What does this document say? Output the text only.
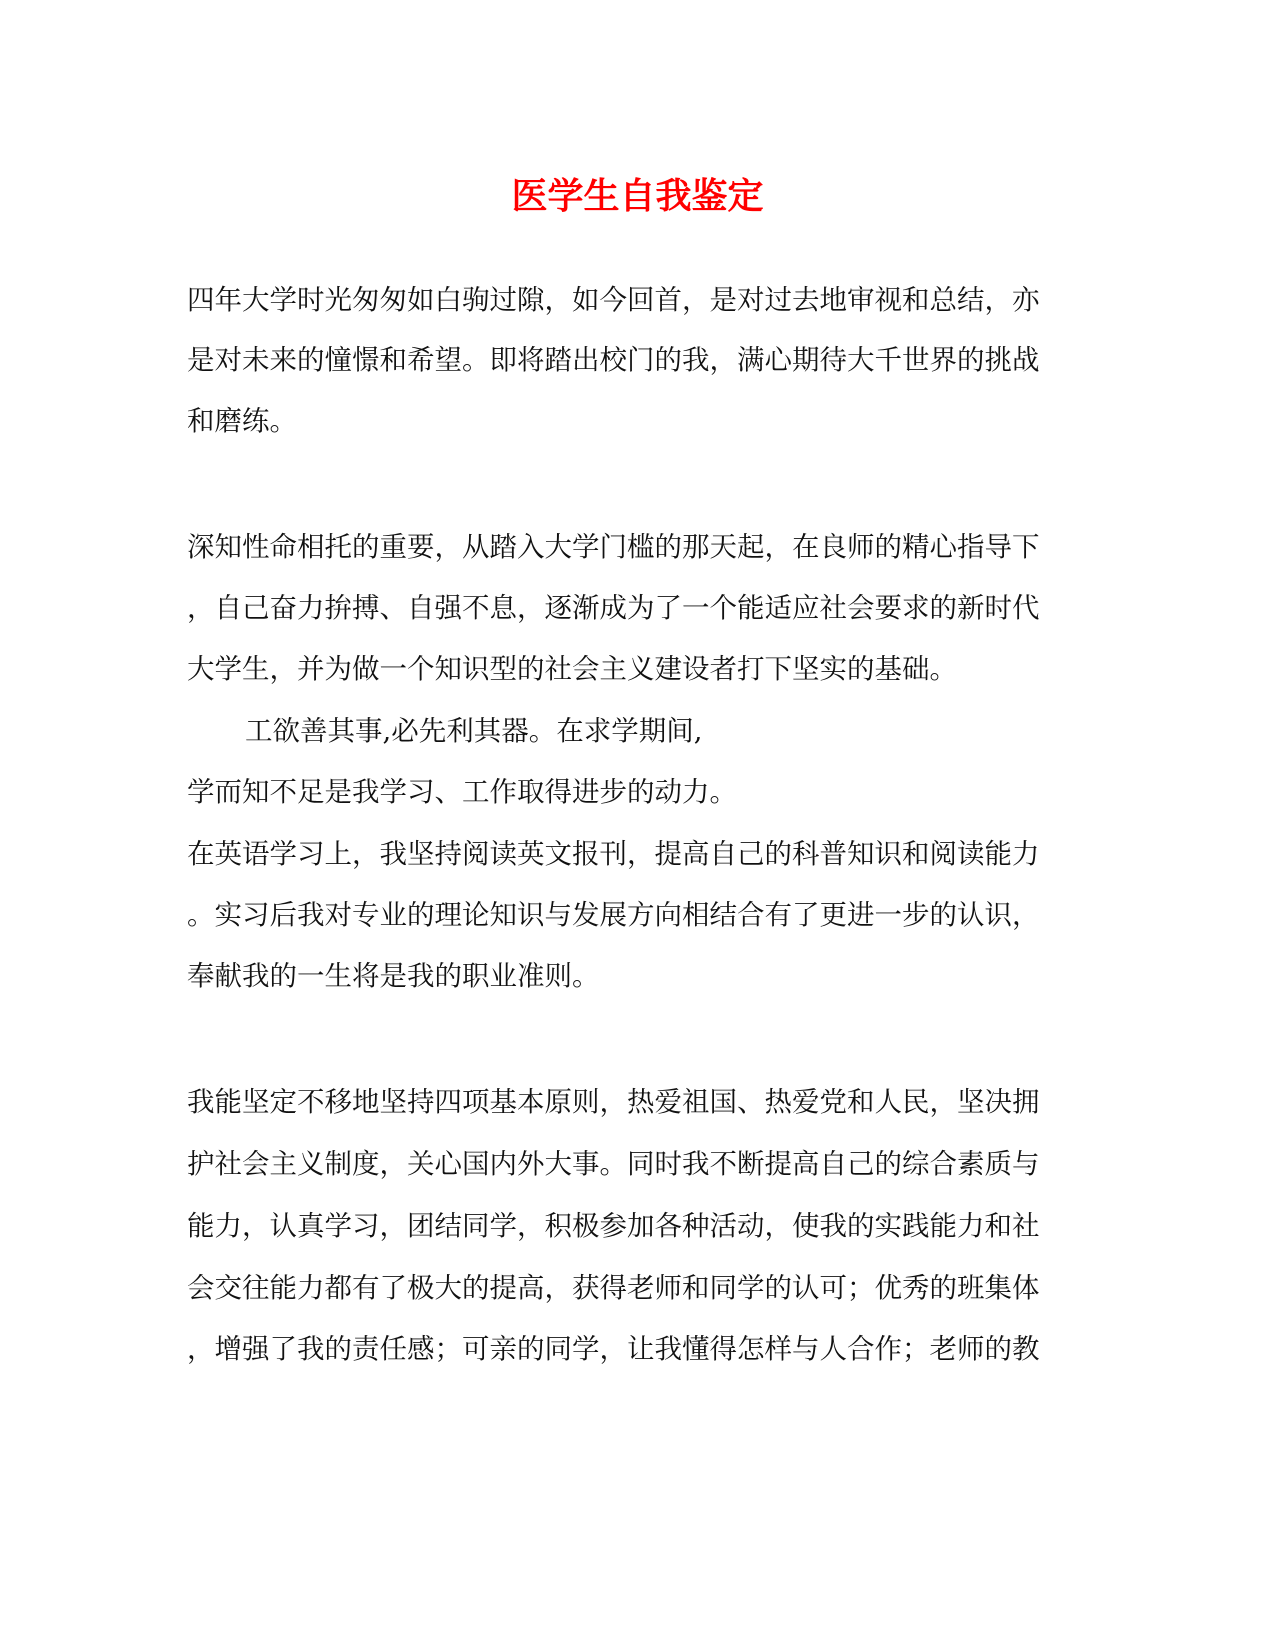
医学生自我鉴定

四年大学时光匆匆如白驹过隙，如今回首，是对过去地审视和总结，亦

是对未来的憧憬和希望。即将踏出校门的我，满心期待大千世界的挑战

和磨练。

深知性命相托的重要，从踏入大学门槛的那天起，在良师的精心指导下

，自己奋力拚搏、自强不息，逐渐成为了一个能适应社会要求的新时代

大学生，并为做一个知识型的社会主义建设者打下坚实的基础。

工欲善其事,必先利其器。在求学期间,

学而知不足是我学习、工作取得进步的动力。

在英语学习上，我坚持阅读英文报刊，提高自己的科普知识和阅读能力

。实习后我对专业的理论知识与发展方向相结合有了更进一步的认识，

奉献我的一生将是我的职业准则。

我能坚定不移地坚持四项基本原则，热爱祖国、热爱党和人民，坚决拥

护社会主义制度，关心国内外大事。同时我不断提高自己的综合素质与

能力，认真学习，团结同学，积极参加各种活动，使我的实践能力和社

会交往能力都有了极大的提高，获得老师和同学的认可；优秀的班集体

，增强了我的责任感；可亲的同学，让我懂得怎样与人合作；老师的教
